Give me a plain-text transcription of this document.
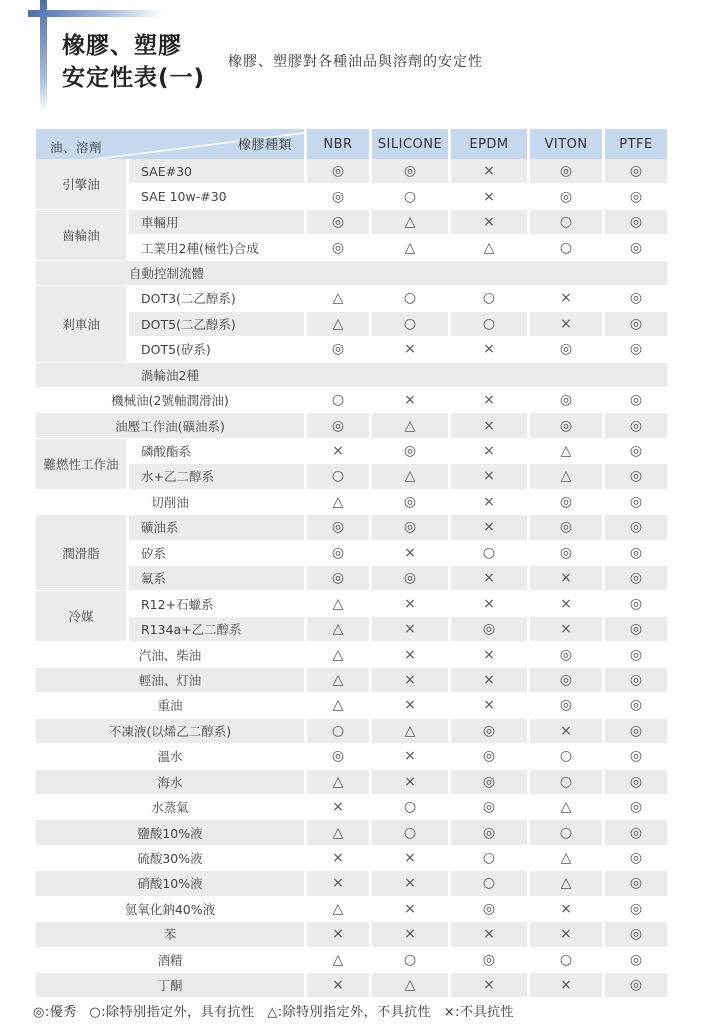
橡膠、塑膠
安定性表(一)
橡膠、塑膠對各種油品與溶劑的安定性
油、溶劑 橡膠種類		NBR	SILICONE	EPDM	VITON	PTFE
引擎油	SAE#30	◎	◎	×	◎	◎
	SAE 10w-#30	◎	○	×	◎	◎
齒輪油	車輛用	◎	△	×	○	◎
	工業用2種(極性)合成	◎	△	△	○	◎
自動控制流體						
剎車油	DOT3(二乙醇系)	△	○	○	×	◎
	DOT5(二乙醇系)	△	○	○	×	◎
	DOT5(矽系)	◎	×	×	◎	◎
渦輪油2種						
機械油(2號軸潤滑油)		○	×	×	◎	◎
油壓工作油(礦油系)		◎	△	×	◎	◎
難燃性工作油	磷酸酯系	×	◎	×	△	◎
	水+乙二醇系	○	△	×	△	◎
切削油		△	◎	×	◎	◎
潤滑脂	礦油系	◎	◎	×	◎	◎
	矽系	◎	×	○	◎	◎
	氟系	◎	◎	×	×	◎
冷媒	R12+石蠟系	△	×	×	×	◎
	R134a+乙二醇系	△	×	◎	×	◎
汽油、柴油		△	×	×	◎	◎
輕油、灯油		△	×	×	◎	◎
重油		△	×	×	◎	◎
不凍液(以烯乙二醇系)		○	△	◎	×	◎
溫水		◎	×	◎	○	◎
海水		△	×	◎	○	◎
水蒸氣		×	○	◎	△	◎
鹽酸10%液		△	○	◎	○	◎
硫酸30%液		×	×	○	△	◎
硝酸10%液		×	×	○	△	◎
氫氧化鈉40%液		△	×	◎	×	◎
苯		×	×	×	×	◎
酒精		△	○	◎	○	◎
丁酮		×	△	×	×	◎
◎:優秀 ○:除特別指定外，具有抗性 △:除特別指定外，不具抗性 ×:不具抗性
